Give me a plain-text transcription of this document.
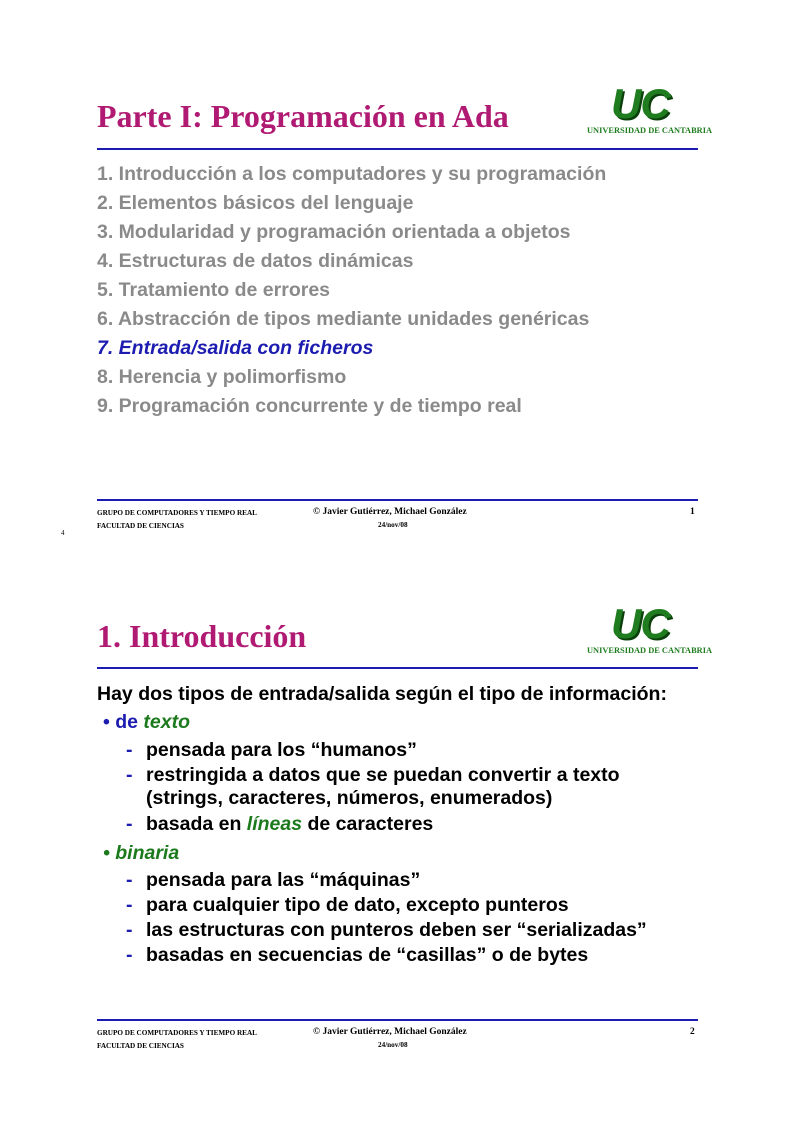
Parte I: Programación en Ada UC
UNIVERSIDAD DE CANTABRIA

1. Introducción a los computadores y su programación

2. Elementos básicos del lenguaje

3. Modularidad y programación orientada a objetos

4. Estructuras de datos dinámicas

5. Tratamiento de errores

6. Abstracción de tipos mediante unidades genéricas

7. Entrada/salida con ficheros

8. Herencia y polimorfismo

9. Programación concurrente y de tiempo real

GRUPO DE COMPUTADORES Y TIEMPO REAL
FACULTAD DE CIENCIAS
© Javier Gutiérrez, Michael González
24/nov/08
1
4
1. Introducción	UC
UNIVERSIDAD DE CANTABRIA

Hay dos tipos de entrada/salida según el tipo de información:

• de texto

- pensada para los “humanos”

- restringida a datos que se puedan convertir a texto

(strings, caracteres, números, enumerados)

- basada en líneas de caracteres

• binaria

- pensada para las “máquinas”

- para cualquier tipo de dato, excepto punteros

- las estructuras con punteros deben ser “serializadas”

- basadas en secuencias de “casillas” o de bytes

GRUPO DE COMPUTADORES Y TIEMPO REAL
FACULTAD DE CIENCIAS
© Javier Gutiérrez, Michael González
24/nov/08
2
